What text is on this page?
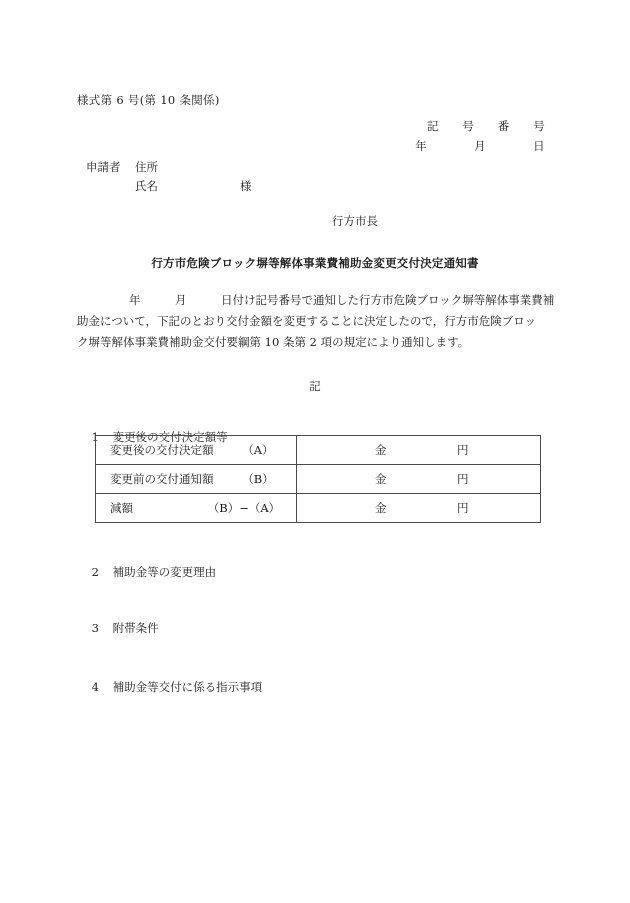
様式第 6 号(第 10 条関係)
記　　号　　番　　号
年　　　　月　　　　日
申請者 住所
氏名	様
行方市長
行方市危険ブロック塀等解体事業費補助金変更交付決定通知書
年　　　月　　　日付け記号番号で通知した行方市危険ブロック塀等解体事業費補
助金について，下記のとおり交付金額を変更することに決定したので，行方市危険ブロッ
ク塀等解体事業費補助金交付要綱第 10 条第 2 項の規定により通知します。
記

1 変更後の交付決定額等

変更後の交付決定額　　　（A）	金 円

変更前の交付通知額　　　（B）	金 円

減額　　　　　　　（B）−（A）	金 円

2 補助金等の変更理由

3 附帯条件

4 補助金等交付に係る指示事項
